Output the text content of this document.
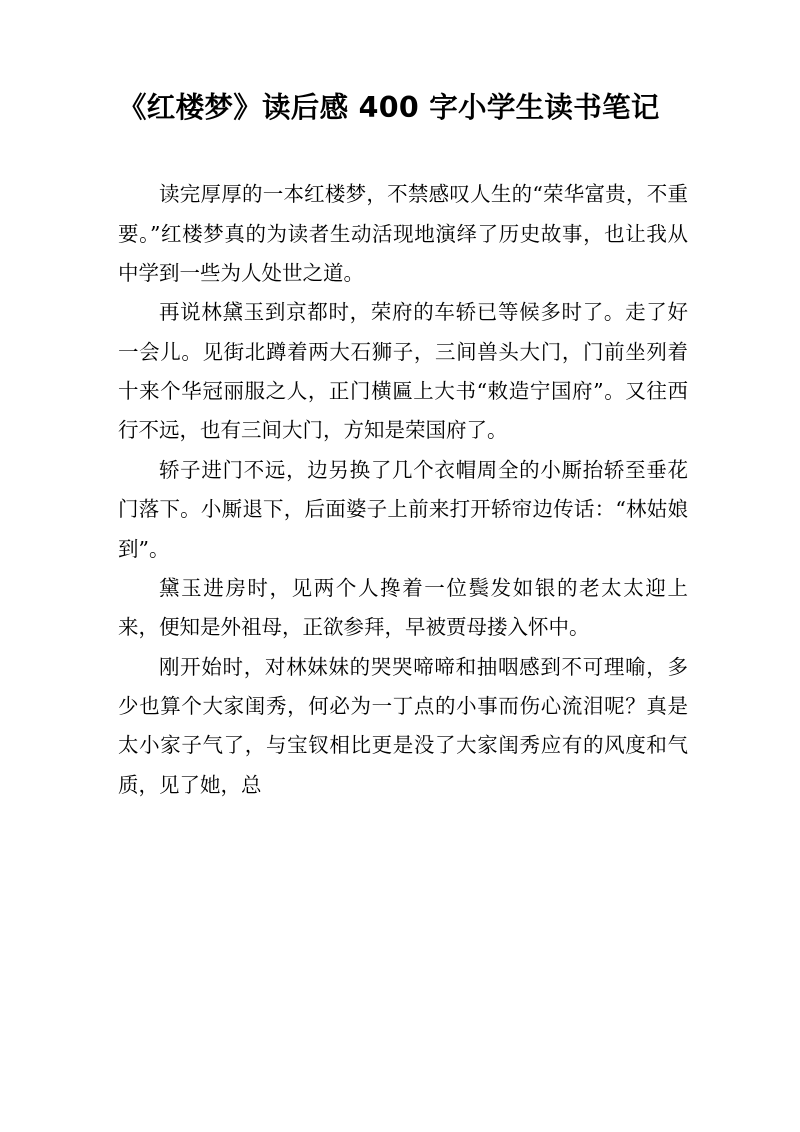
《红楼梦》读后感 400 字小学生读书笔记

读完厚厚的一本红楼梦，不禁感叹人生的“荣华富贵，不重要。”红楼梦真的为读者生动活现地演绎了历史故事，也让我从中学到一些为人处世之道。

再说林黛玉到京都时，荣府的车轿已等候多时了。走了好一会儿。见街北蹲着两大石狮子，三间兽头大门，门前坐列着十来个华冠丽服之人，正门横匾上大书“敕造宁国府”。又往西行不远，也有三间大门，方知是荣国府了。

轿子进门不远，边另换了几个衣帽周全的小厮抬轿至垂花门落下。小厮退下，后面婆子上前来打开轿帘边传话：“林姑娘到”。

黛玉进房时，见两个人搀着一位鬓发如银的老太太迎上来，便知是外祖母，正欲参拜，早被贾母搂入怀中。

刚开始时，对林妹妹的哭哭啼啼和抽咽感到不可理喻，多少也算个大家闺秀，何必为一丁点的小事而伤心流泪呢？真是太小家子气了，与宝钗相比更是没了大家闺秀应有的风度和气质，见了她，总
